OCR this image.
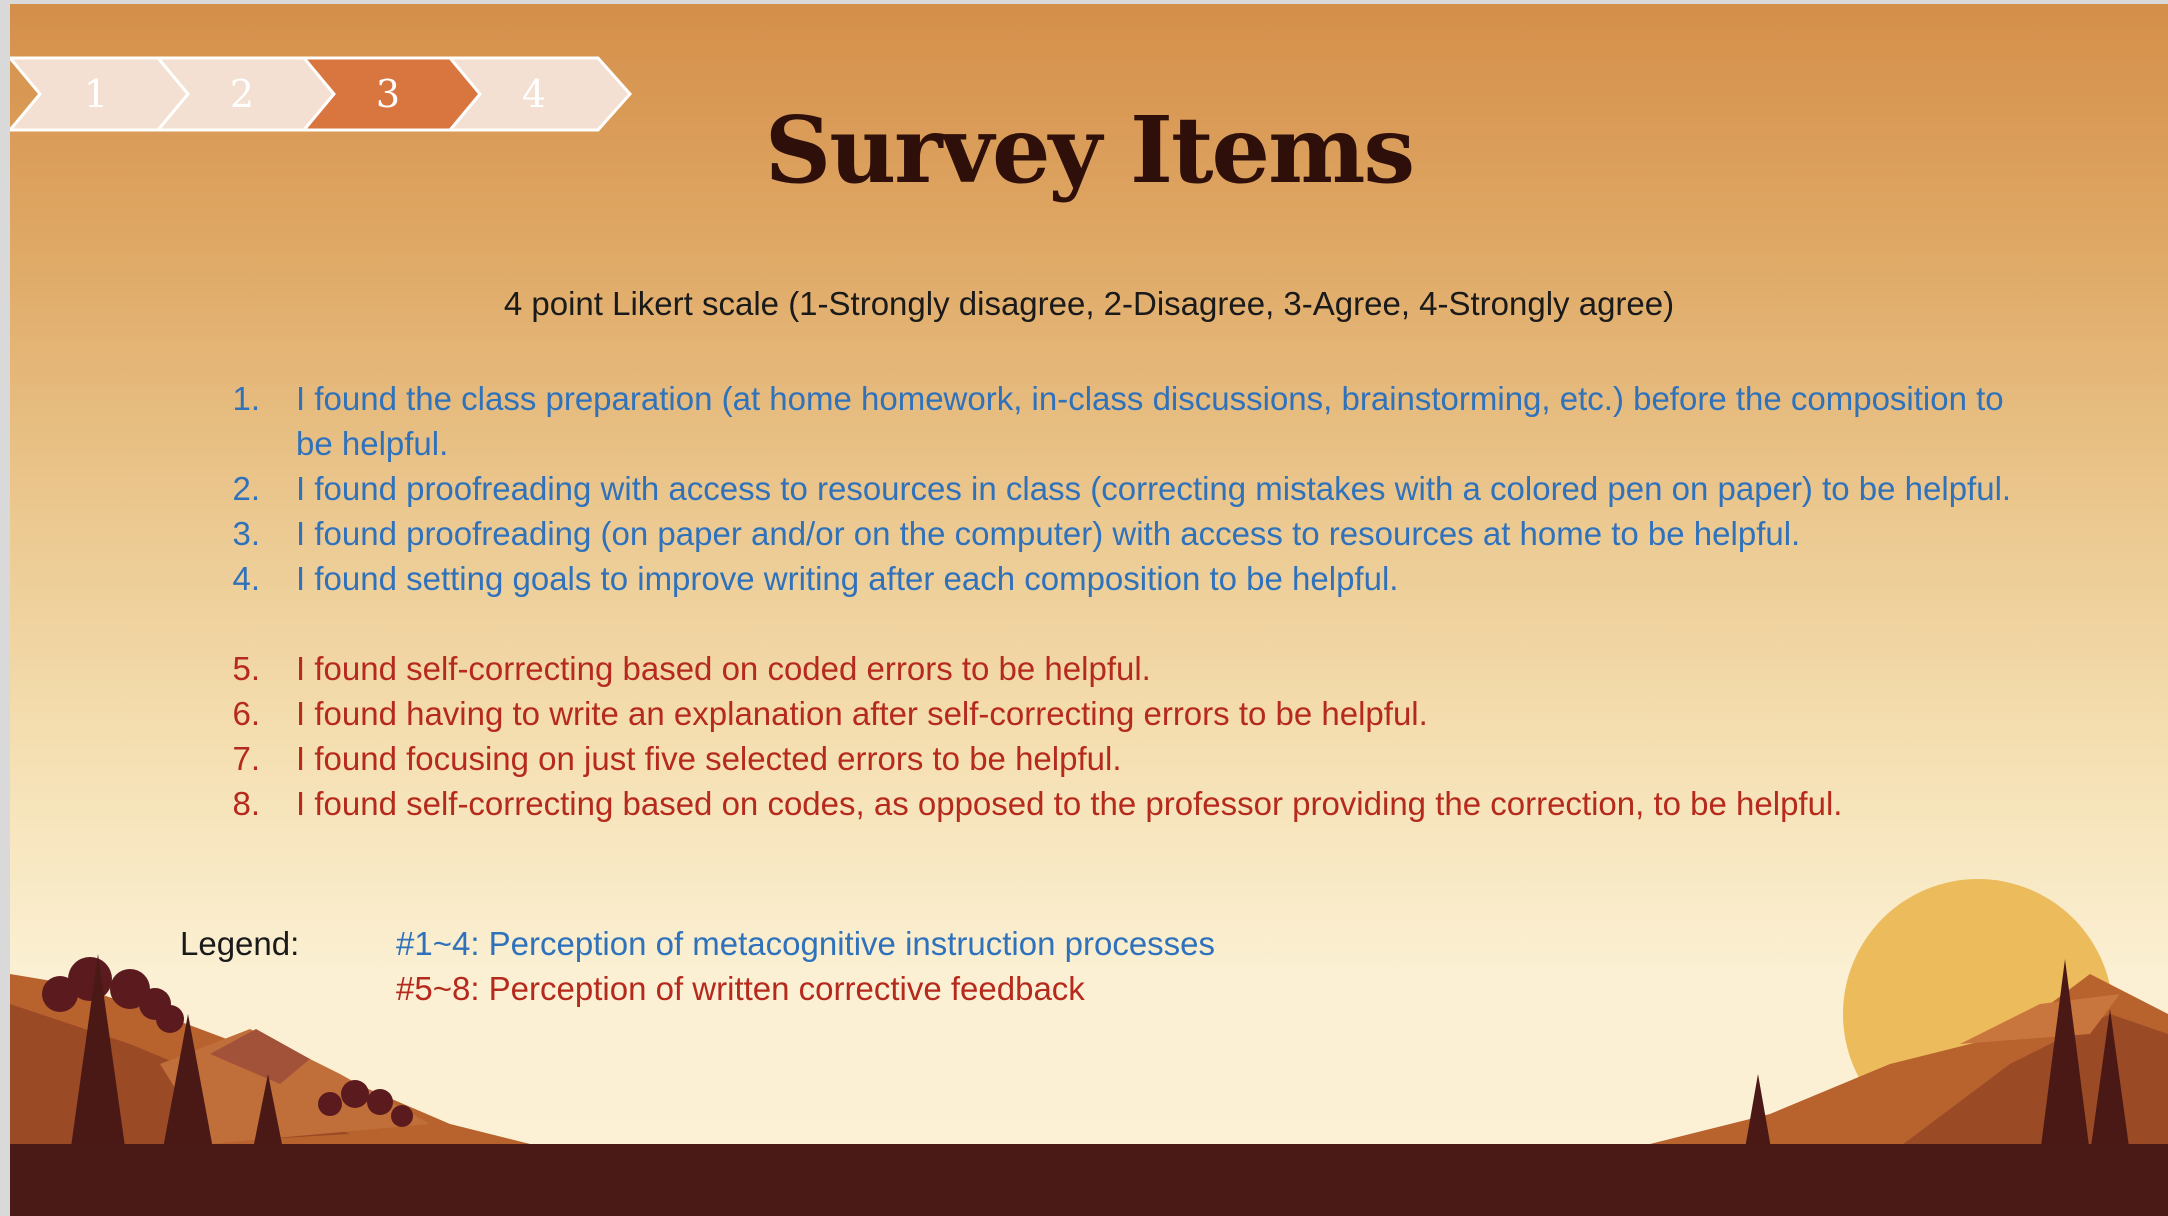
1	2	3	4
Survey Items
4 point Likert scale (1-Strongly disagree, 2-Disagree, 3-Agree, 4-Strongly agree)
1. I found the class preparation (at home homework, in-class discussions, brainstorming, etc.) before the composition to be helpful.
2. I found proofreading with access to resources in class (correcting mistakes with a colored pen on paper) to be helpful.
3. I found proofreading (on paper and/or on the computer) with access to resources at home to be helpful.
4. I found setting goals to improve writing after each composition to be helpful.
5. I found self-correcting based on coded errors to be helpful.
6. I found having to write an explanation after self-correcting errors to be helpful.
7. I found focusing on just five selected errors to be helpful.
8. I found self-correcting based on codes, as opposed to the professor providing the correction, to be helpful.
Legend:	#1~4: Perception of metacognitive instruction processes
#5~8: Perception of written corrective feedback
